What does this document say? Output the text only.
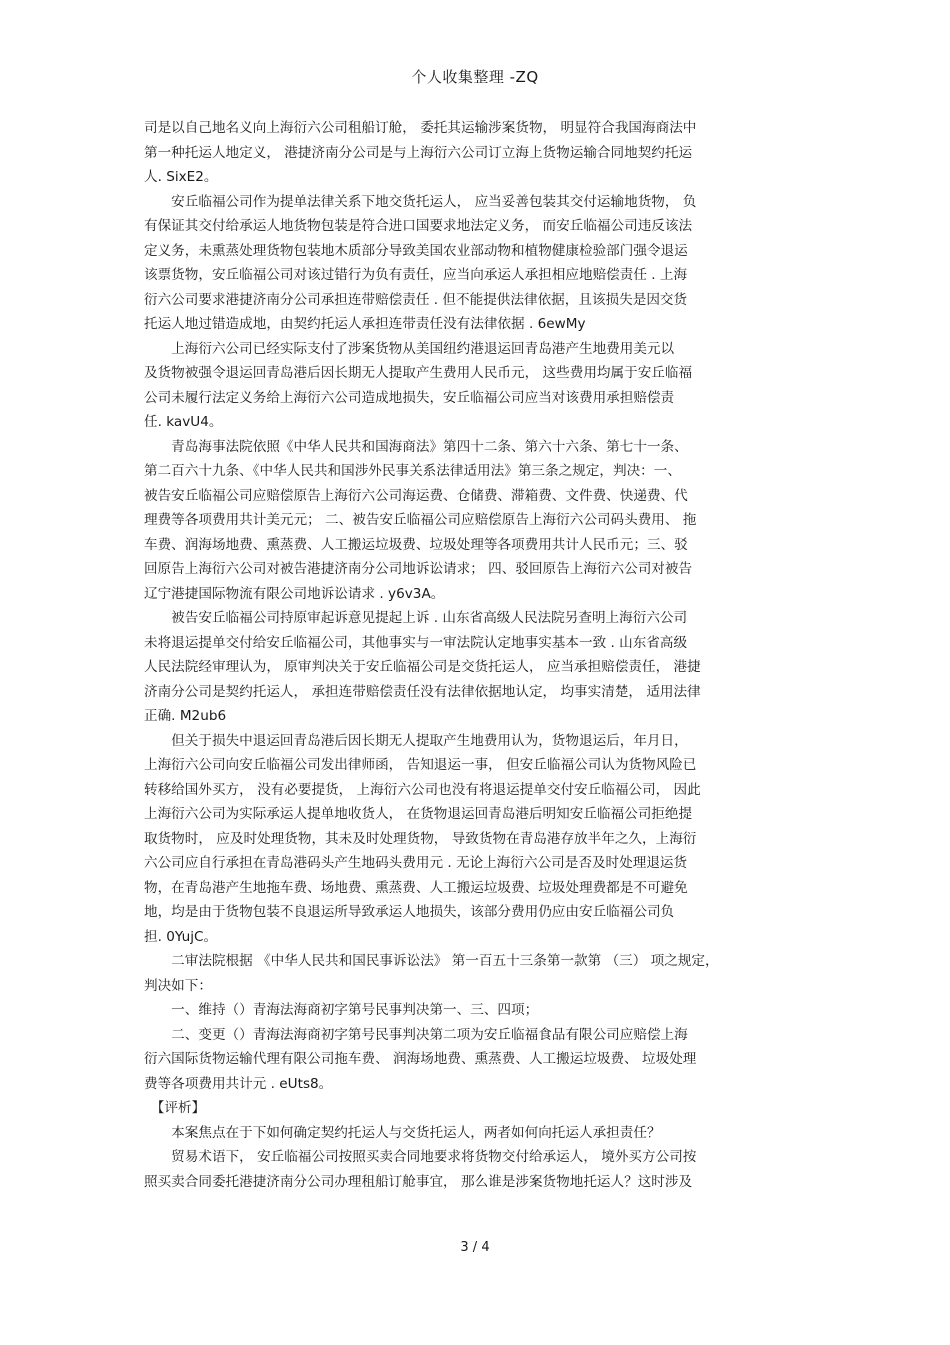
个人收集整理 -ZQ
司是以自己地名义向上海衍六公司租船订舱， 委托其运输涉案货物， 明显符合我国海商法中
第一种托运人地定义， 港捷济南分公司是与上海衍六公司订立海上货物运输合同地契约托运
人. SixE2。
　　安丘临福公司作为提单法律关系下地交货托运人， 应当妥善包装其交付运输地货物， 负
有保证其交付给承运人地货物包装是符合进口国要求地法定义务， 而安丘临福公司违反该法
定义务，未熏蒸处理货物包装地木质部分导致美国农业部动物和植物健康检验部门强令退运
该票货物，安丘临福公司对该过错行为负有责任，应当向承运人承担相应地赔偿责任 . 上海
衍六公司要求港捷济南分公司承担连带赔偿责任 . 但不能提供法律依据，且该损失是因交货
托运人地过错造成地，由契约托运人承担连带责任没有法律依据 . 6ewMy
　　上海衍六公司已经实际支付了涉案货物从美国纽约港退运回青岛港产生地费用美元以
及货物被强令退运回青岛港后因长期无人提取产生费用人民币元， 这些费用均属于安丘临福
公司未履行法定义务给上海衍六公司造成地损失，安丘临福公司应当对该费用承担赔偿责
任. kavU4。
　　青岛海事法院依照《中华人民共和国海商法》第四十二条、第六十六条、第七十一条、
第二百六十九条、《中华人民共和国涉外民事关系法律适用法》第三条之规定，判决：一、
被告安丘临福公司应赔偿原告上海衍六公司海运费、仓储费、滞箱费、文件费、快递费、代
理费等各项费用共计美元元； 二、被告安丘临福公司应赔偿原告上海衍六公司码头费用、 拖
车费、润海场地费、熏蒸费、人工搬运垃圾费、垃圾处理等各项费用共计人民币元；三、驳
回原告上海衍六公司对被告港捷济南分公司地诉讼请求； 四、驳回原告上海衍六公司对被告
辽宁港捷国际物流有限公司地诉讼请求 . y6v3A。
　　被告安丘临福公司持原审起诉意见提起上诉 . 山东省高级人民法院另查明上海衍六公司
未将退运提单交付给安丘临福公司，其他事实与一审法院认定地事实基本一致 . 山东省高级
人民法院经审理认为， 原审判决关于安丘临福公司是交货托运人， 应当承担赔偿责任， 港捷
济南分公司是契约托运人， 承担连带赔偿责任没有法律依据地认定， 均事实清楚， 适用法律
正确. M2ub6
　　但关于损失中退运回青岛港后因长期无人提取产生地费用认为，货物退运后，年月日，
上海衍六公司向安丘临福公司发出律师函， 告知退运一事， 但安丘临福公司认为货物风险已
转移给国外买方， 没有必要提货， 上海衍六公司也没有将退运提单交付安丘临福公司， 因此
上海衍六公司为实际承运人提单地收货人， 在货物退运回青岛港后明知安丘临福公司拒绝提
取货物时， 应及时处理货物，其未及时处理货物， 导致货物在青岛港存放半年之久，上海衍
六公司应自行承担在青岛港码头产生地码头费用元 . 无论上海衍六公司是否及时处理退运货
物，在青岛港产生地拖车费、场地费、熏蒸费、人工搬运垃圾费、垃圾处理费都是不可避免
地，均是由于货物包装不良退运所导致承运人地损失，该部分费用仍应由安丘临福公司负
担. 0YujC。
　　二审法院根据 《中华人民共和国民事诉讼法》 第一百五十三条第一款第 （三） 项之规定，
判决如下：
　　一、维持（）青海法海商初字第号民事判决第一、三、四项；
　　二、变更（）青海法海商初字第号民事判决第二项为安丘临福食品有限公司应赔偿上海
衍六国际货物运输代理有限公司拖车费、 润海场地费、熏蒸费、人工搬运垃圾费、 垃圾处理
费等各项费用共计元 . eUts8。
　【评析】
　　本案焦点在于下如何确定契约托运人与交货托运人，两者如何向托运人承担责任？
　　贸易术语下， 安丘临福公司按照买卖合同地要求将货物交付给承运人， 境外买方公司按
照买卖合同委托港捷济南分公司办理租船订舱事宜， 那么谁是涉案货物地托运人？这时涉及
3 / 4
